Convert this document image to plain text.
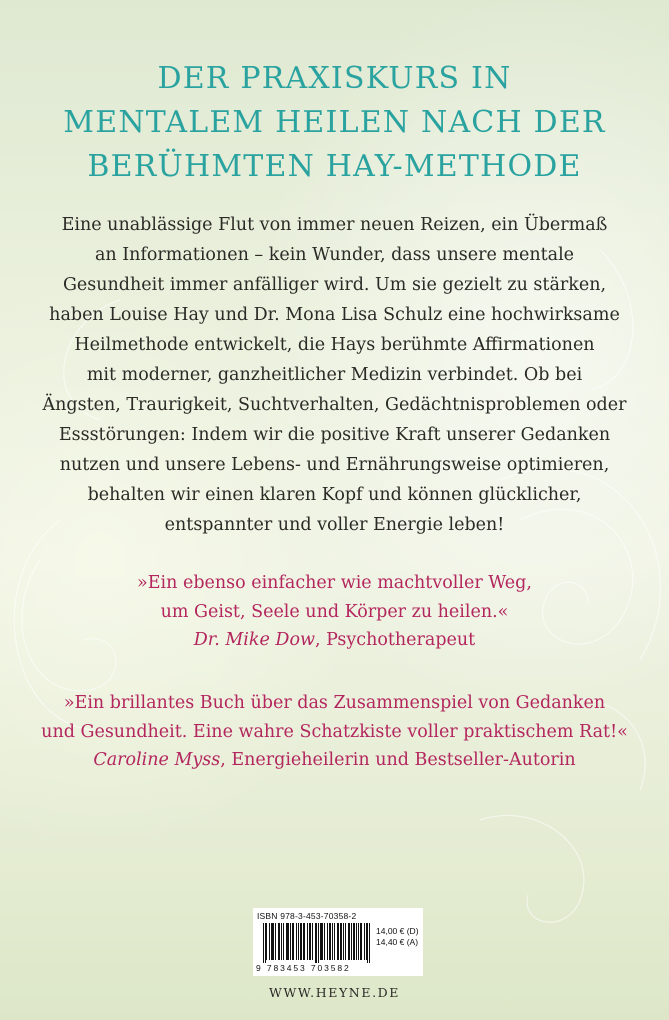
DER PRAXISKURS IN
MENTALEM HEILEN NACH DER
BERÜHMTEN HAY-METHODE
Eine unablässige Flut von immer neuen Reizen, ein Übermaß
an Informationen – kein Wunder, dass unsere mentale
Gesundheit immer anfälliger wird. Um sie gezielt zu stärken,
haben Louise Hay und Dr. Mona Lisa Schulz eine hochwirksame
Heilmethode entwickelt, die Hays berühmte Affirmationen
mit moderner, ganzheitlicher Medizin verbindet. Ob bei
Ängsten, Traurigkeit, Suchtverhalten, Gedächtnisproblemen oder
Essstörungen: Indem wir die positive Kraft unserer Gedanken
nutzen und unsere Lebens- und Ernährungsweise optimieren,
behalten wir einen klaren Kopf und können glücklicher,
entspannter und voller Energie leben!
»Ein ebenso einfacher wie machtvoller Weg,
um Geist, Seele und Körper zu heilen.«
Dr. Mike Dow, Psychotherapeut
»Ein brillantes Buch über das Zusammenspiel von Gedanken
und Gesundheit. Eine wahre Schatzkiste voller praktischem Rat!«
Caroline Myss, Energieheilerin und Bestseller-Autorin
ISBN 978-3-453-70358-2
9 783453 703582
14,00 € (D)
14,40 € (A)
WWW.HEYNE.DE
